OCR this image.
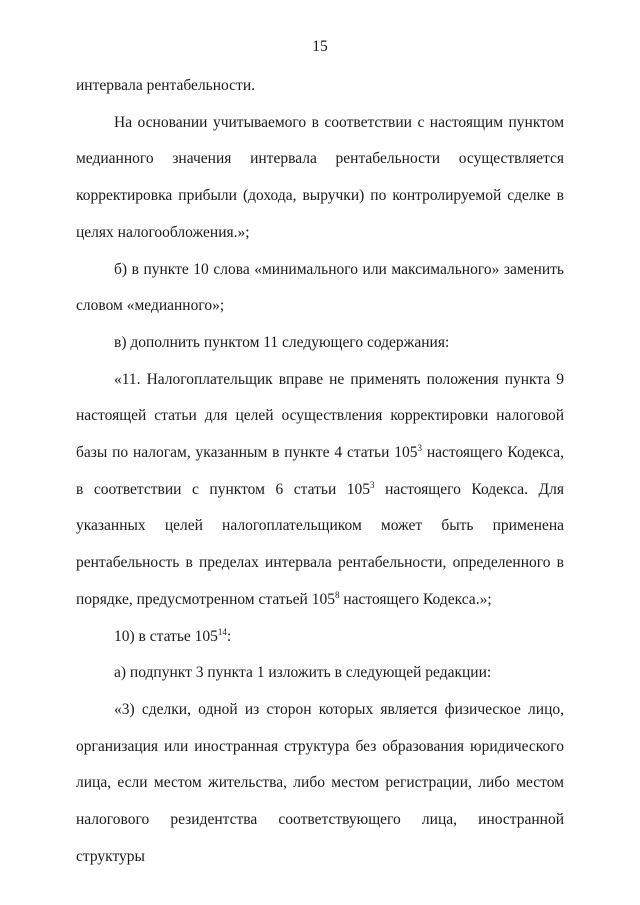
15

интервала рентабельности.

На основании учитываемого в соответствии с настоящим пунктом медианного значения интервала рентабельности осуществляется корректировка прибыли (дохода, выручки) по контролируемой сделке в целях налогообложения.»;

б) в пункте 10 слова «минимального или максимального» заменить словом «медианного»;

в) дополнить пунктом 11 следующего содержания:

«11. Налогоплательщик вправе не применять положения пункта 9 настоящей статьи для целей осуществления корректировки налоговой базы по налогам, указанным в пункте 4 статьи $105^3$ настоящего Кодекса, в соответствии с пунктом 6 статьи $105^3$ настоящего Кодекса. Для указанных целей налогоплательщиком может быть применена рентабельность в пределах интервала рентабельности, определенного в порядке, предусмотренном статьей $105^8$ настоящего Кодекса.»;

10) в статье $105^{14}$:

а) подпункт 3 пункта 1 изложить в следующей редакции:

«3) сделки, одной из сторон которых является физическое лицо, организация или иностранная структура без образования юридического лица, если местом жительства, либо местом регистрации, либо местом налогового резидентства соответствующего лица, иностранной структуры
